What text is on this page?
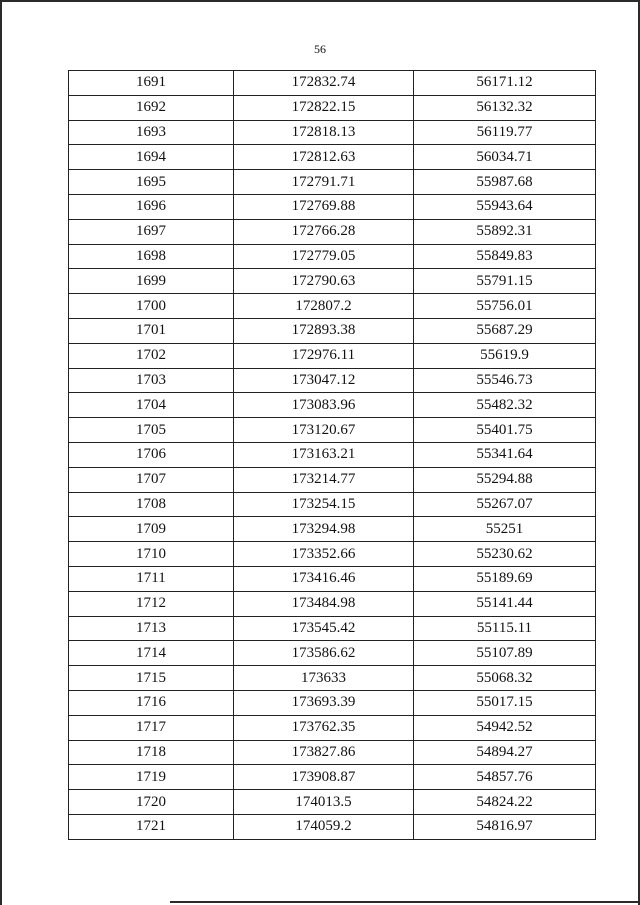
56
1691	172832.74	56171.12
1692	172822.15	56132.32
1693	172818.13	56119.77
1694	172812.63	56034.71
1695	172791.71	55987.68
1696	172769.88	55943.64
1697	172766.28	55892.31
1698	172779.05	55849.83
1699	172790.63	55791.15
1700	172807.2	55756.01
1701	172893.38	55687.29
1702	172976.11	55619.9
1703	173047.12	55546.73
1704	173083.96	55482.32
1705	173120.67	55401.75
1706	173163.21	55341.64
1707	173214.77	55294.88
1708	173254.15	55267.07
1709	173294.98	55251
1710	173352.66	55230.62
1711	173416.46	55189.69
1712	173484.98	55141.44
1713	173545.42	55115.11
1714	173586.62	55107.89
1715	173633	55068.32
1716	173693.39	55017.15
1717	173762.35	54942.52
1718	173827.86	54894.27
1719	173908.87	54857.76
1720	174013.5	54824.22
1721	174059.2	54816.97
